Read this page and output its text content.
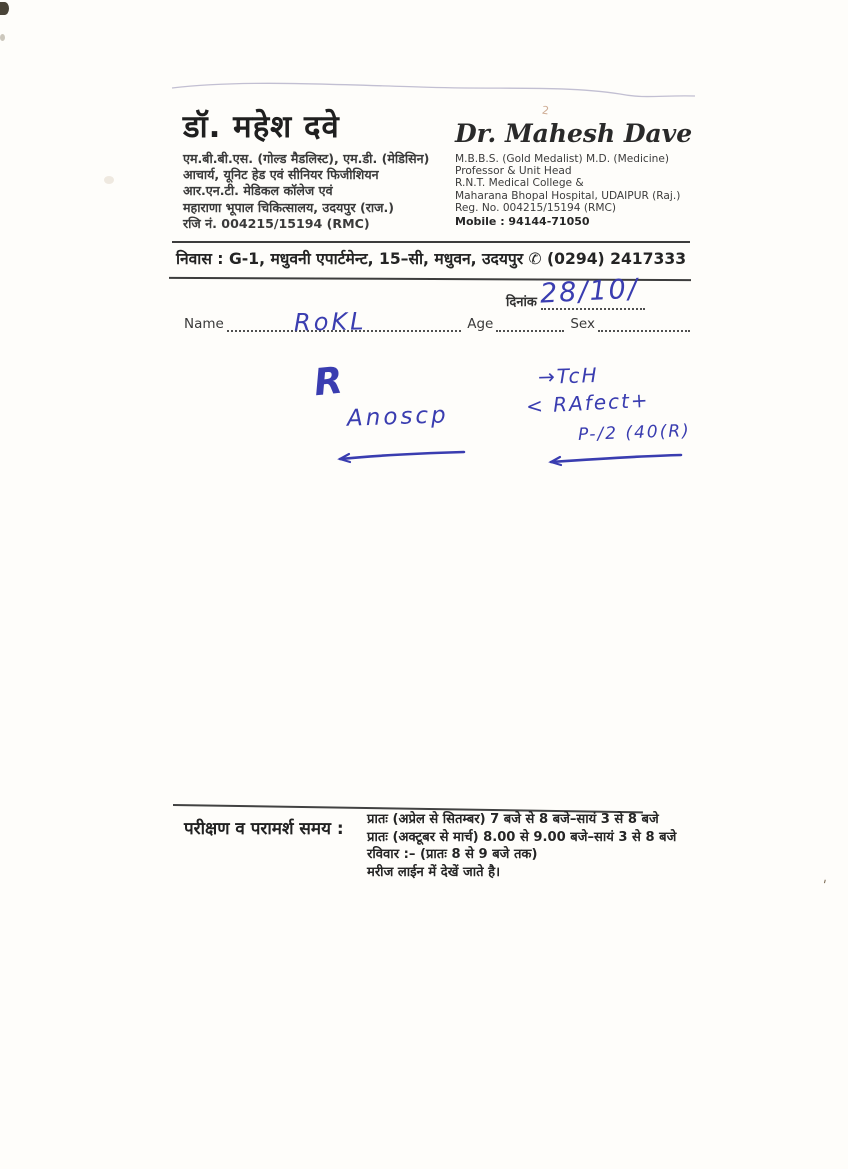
2
'
डॉ. महेश दवे
एम.बी.बी.एस. (गोल्ड मैडलिस्ट), एम.डी. (मेडिसिन)
आचार्य, यूनिट हेड एवं सीनियर फिजीशियन
आर.एन.टी. मेडिकल कॉलेज एवं
महाराणा भूपाल चिकित्सालय, उदयपुर (राज.)
रजि नं. 004215/15194 (RMC)
Dr. Mahesh Dave
M.B.B.S. (Gold Medalist) M.D. (Medicine)
Professor & Unit Head
R.N.T. Medical College &
Maharana Bhopal Hospital, UDAIPUR (Raj.)
Reg. No. 004215/15194 (RMC)
Mobile : 94144-71050
निवास : G-1, मधुवनी एपार्टमेन्ट, 15–सी, मधुवन, उदयपुर ✆ (0294) 2417333
दिनांक 28/10/
Name	Age	Sex
RoKL
R
Anoscp
→TcH
< RAfect+
P-/2 (40(R)
परीक्षण व परामर्श समय : प्रातः (अप्रेल से सितम्बर) 7 बजे से 8 बजे–सायं 3 से 8 बजे
प्रातः (अक्टूबर से मार्च) 8.00 से 9.00 बजे–सायं 3 से 8 बजे
रविवार :– (प्रातः 8 से 9 बजे तक)
मरीज लाईन में देखें जाते है।
